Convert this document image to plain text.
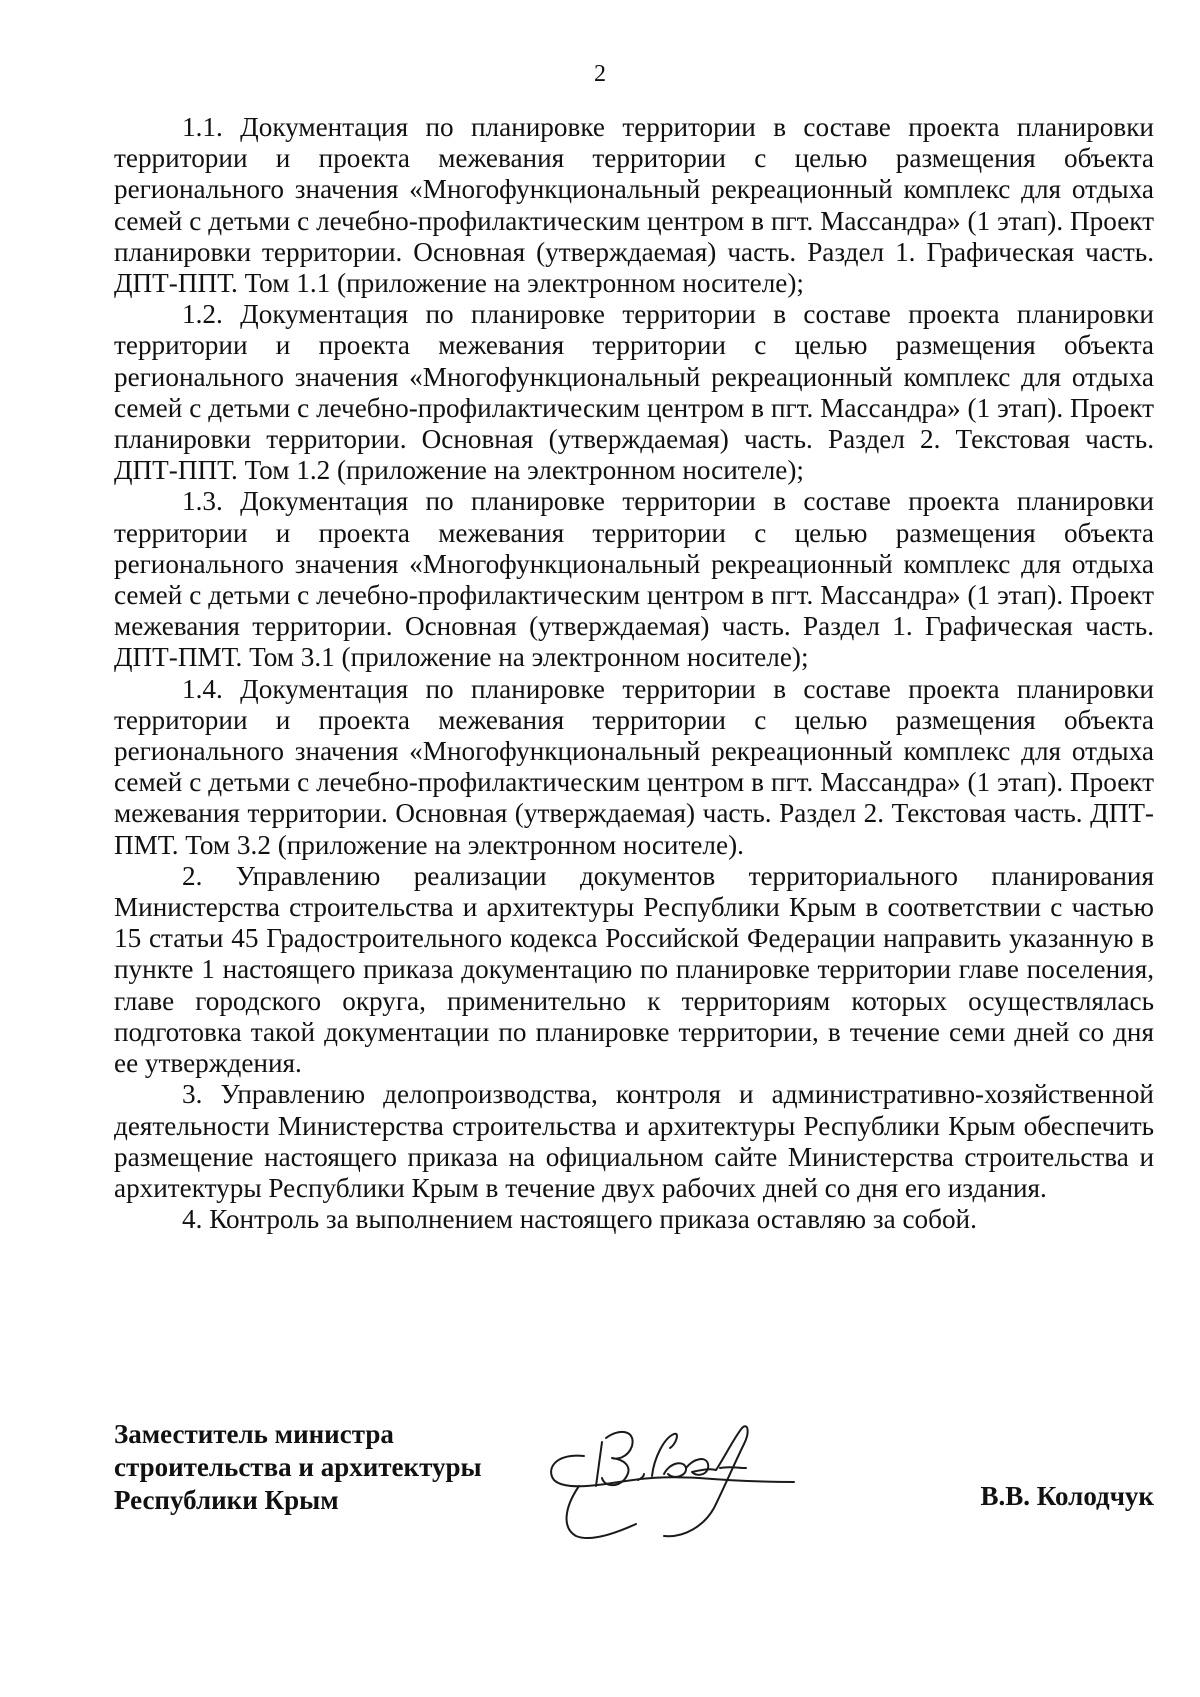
2

1.1. Документация по планировке территории в составе проекта планировки территории и проекта межевания территории с целью размещения объекта регионального значения «Многофункциональный рекреационный комплекс для отдыха семей с детьми с лечебно-профилактическим центром в пгт. Массандра» (1 этап). Проект планировки территории. Основная (утверждаемая) часть. Раздел 1. Графическая часть. ДПТ-ППТ. Том 1.1 (приложение на электронном носителе);

1.2. Документация по планировке территории в составе проекта планировки территории и проекта межевания территории с целью размещения объекта регионального значения «Многофункциональный рекреационный комплекс для отдыха семей с детьми с лечебно-профилактическим центром в пгт. Массандра» (1 этап). Проект планировки территории. Основная (утверждаемая) часть. Раздел 2. Текстовая часть. ДПТ-ППТ. Том 1.2 (приложение на электронном носителе);

1.3. Документация по планировке территории в составе проекта планировки территории и проекта межевания территории с целью размещения объекта регионального значения «Многофункциональный рекреационный комплекс для отдыха семей с детьми с лечебно-профилактическим центром в пгт. Массандра» (1 этап). Проект межевания территории. Основная (утверждаемая) часть. Раздел 1. Графическая часть. ДПТ-ПМТ. Том 3.1 (приложение на электронном носителе);

1.4. Документация по планировке территории в составе проекта планировки территории и проекта межевания территории с целью размещения объекта регионального значения «Многофункциональный рекреационный комплекс для отдыха семей с детьми с лечебно-профилактическим центром в пгт. Массандра» (1 этап). Проект межевания территории. Основная (утверждаемая) часть. Раздел 2. Текстовая часть. ДПТ-ПМТ. Том 3.2 (приложение на электронном носителе).

2. Управлению реализации документов территориального планирования Министерства строительства и архитектуры Республики Крым в соответствии с частью 15 статьи 45 Градостроительного кодекса Российской Федерации направить указанную в пункте 1 настоящего приказа документацию по планировке территории главе поселения, главе городского округа, применительно к территориям которых осуществлялась подготовка такой документации по планировке территории, в течение семи дней со дня ее утверждения.

3. Управлению делопроизводства, контроля и административно-хозяйственной деятельности Министерства строительства и архитектуры Республики Крым обеспечить размещение настоящего приказа на официальном сайте Министерства строительства и архитектуры Республики Крым в течение двух рабочих дней со дня его издания.

4. Контроль за выполнением настоящего приказа оставляю за собой.

Заместитель министра
строительства и архитектуры
Республики Крым	В.В. Колодчук
